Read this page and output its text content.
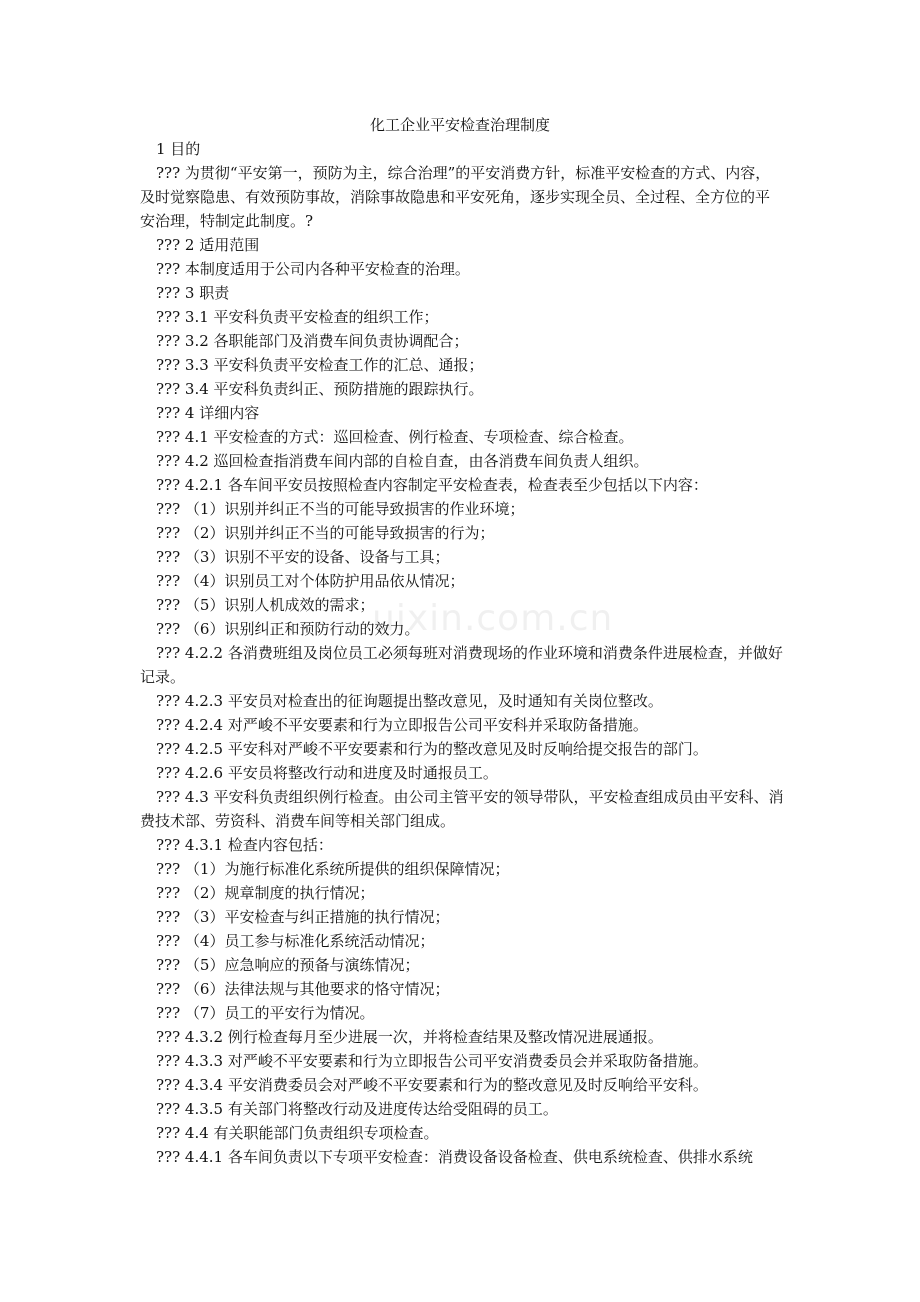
化工企业平安检查治理制度
uixin.com.cn

1 目的

??? 为贯彻“平安第一，预防为主，综合治理”的平安消费方针，标准平安检查的方式、内容，及时觉察隐患、有效预防事故，消除事故隐患和平安死角，逐步实现全员、全过程、全方位的平安治理，特制定此制度。?

??? 2 适用范围

??? 本制度适用于公司内各种平安检查的治理。

??? 3 职责

??? 3.1 平安科负责平安检查的组织工作；

??? 3.2 各职能部门及消费车间负责协调配合；

??? 3.3 平安科负责平安检查工作的汇总、通报；

??? 3.4 平安科负责纠正、预防措施的跟踪执行。

??? 4 详细内容

??? 4.1 平安检查的方式：巡回检查、例行检查、专项检查、综合检查。

??? 4.2 巡回检查指消费车间内部的自检自查，由各消费车间负责人组织。

??? 4.2.1 各车间平安员按照检查内容制定平安检查表，检查表至少包括以下内容：

??? （1）识别并纠正不当的可能导致损害的作业环境；

??? （2）识别并纠正不当的可能导致损害的行为；

??? （3）识别不平安的设备、设备与工具；

??? （4）识别员工对个体防护用品依从情况；

??? （5）识别人机成效的需求；

??? （6）识别纠正和预防行动的效力。

??? 4.2.2 各消费班组及岗位员工必须每班对消费现场的作业环境和消费条件进展检查，并做好记录。

??? 4.2.3 平安员对检查出的征询题提出整改意见，及时通知有关岗位整改。

??? 4.2.4 对严峻不平安要素和行为立即报告公司平安科并采取防备措施。

??? 4.2.5 平安科对严峻不平安要素和行为的整改意见及时反响给提交报告的部门。

??? 4.2.6 平安员将整改行动和进度及时通报员工。

??? 4.3 平安科负责组织例行检查。由公司主管平安的领导带队，平安检查组成员由平安科、消费技术部、劳资科、消费车间等相关部门组成。

??? 4.3.1 检查内容包括：

??? （1）为施行标准化系统所提供的组织保障情况；

??? （2）规章制度的执行情况；

??? （3）平安检查与纠正措施的执行情况；

??? （4）员工参与标准化系统活动情况；

??? （5）应急响应的预备与演练情况；

??? （6）法律法规与其他要求的恪守情况；

??? （7）员工的平安行为情况。

??? 4.3.2 例行检查每月至少进展一次，并将检查结果及整改情况进展通报。

??? 4.3.3 对严峻不平安要素和行为立即报告公司平安消费委员会并采取防备措施。

??? 4.3.4 平安消费委员会对严峻不平安要素和行为的整改意见及时反响给平安科。

??? 4.3.5 有关部门将整改行动及进度传达给受阻碍的员工。

??? 4.4 有关职能部门负责组织专项检查。

??? 4.4.1 各车间负责以下专项平安检查：消费设备设备检查、供电系统检查、供排水系统
